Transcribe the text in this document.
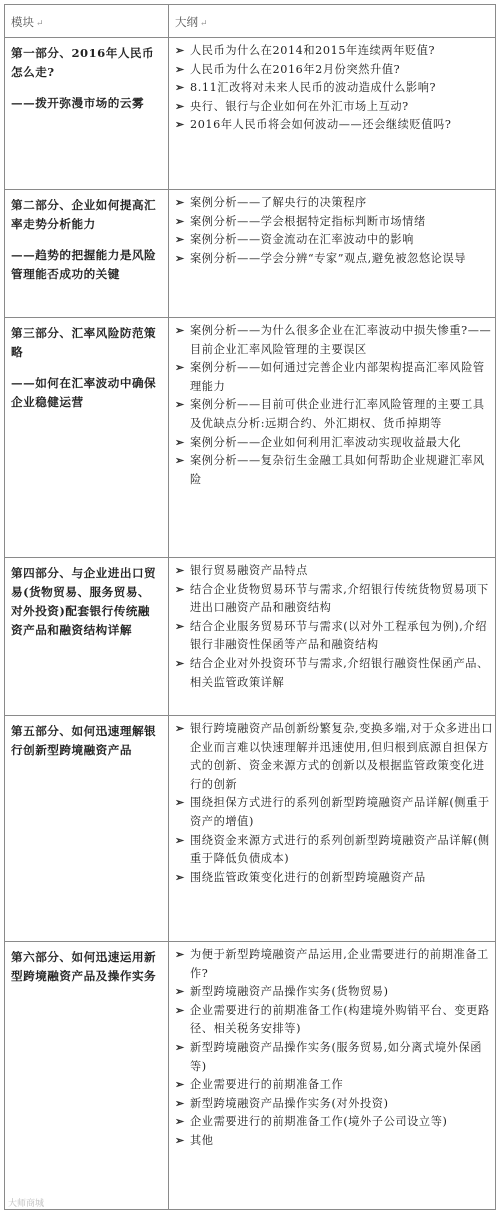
模块 ↵	大纲 ↵
第一部分、2016年人民币怎么走?
——拨开弥漫市场的云雾
➢ 人民币为什么在2014和2015年连续两年贬值?
➢ 人民币为什么在2016年2月份突然升值?
➢ 8.11汇改将对未来人民币的波动造成什么影响?
➢ 央行、银行与企业如何在外汇市场上互动?
➢ 2016年人民币将会如何波动——还会继续贬值吗?
第二部分、企业如何提高汇率走势分析能力
——趋势的把握能力是风险管理能否成功的关键
➢ 案例分析——了解央行的决策程序
➢ 案例分析——学会根据特定指标判断市场情绪
➢ 案例分析——资金流动在汇率波动中的影响
➢ 案例分析——学会分辨“专家”观点,避免被忽悠论误导
第三部分、汇率风险防范策略
——如何在汇率波动中确保企业稳健运营
➢ 案例分析——为什么很多企业在汇率波动中损失惨重?——目前企业汇率风险管理的主要误区
➢ 案例分析——如何通过完善企业内部架构提高汇率风险管理能力
➢ 案例分析——目前可供企业进行汇率风险管理的主要工具及优缺点分析:远期合约、外汇期权、货币掉期等
➢ 案例分析——企业如何利用汇率波动实现收益最大化
➢ 案例分析——复杂衍生金融工具如何帮助企业规避汇率风险
第四部分、与企业进出口贸易(货物贸易、服务贸易、对外投资)配套银行传统融资产品和融资结构详解
➢ 银行贸易融资产品特点
➢ 结合企业货物贸易环节与需求,介绍银行传统货物贸易项下进出口融资产品和融资结构
➢ 结合企业服务贸易环节与需求(以对外工程承包为例),介绍银行非融资性保函等产品和融资结构
➢ 结合企业对外投资环节与需求,介绍银行融资性保函产品、相关监管政策详解
第五部分、如何迅速理解银行创新型跨境融资产品
➢ 银行跨境融资产品创新纷繁复杂,变换多端,对于众多进出口企业而言难以快速理解并迅速使用,但归根到底源自担保方式的创新、资金来源方式的创新以及根据监管政策变化进行的创新
➢ 围绕担保方式进行的系列创新型跨境融资产品详解(侧重于资产的增值)
➢ 围绕资金来源方式进行的系列创新型跨境融资产品详解(侧重于降低负债成本)
➢ 围绕监管政策变化进行的创新型跨境融资产品
第六部分、如何迅速运用新型跨境融资产品及操作实务
➢ 为便于新型跨境融资产品运用,企业需要进行的前期准备工作?
➢ 新型跨境融资产品操作实务(货物贸易)
➢ 企业需要进行的前期准备工作(构建境外购销平台、变更路径、相关税务安排等)
➢ 新型跨境融资产品操作实务(服务贸易,如分离式境外保函等)
➢ 企业需要进行的前期准备工作
➢ 新型跨境融资产品操作实务(对外投资)
➢ 企业需要进行的前期准备工作(境外子公司设立等)
➢ 其他
大师商城
